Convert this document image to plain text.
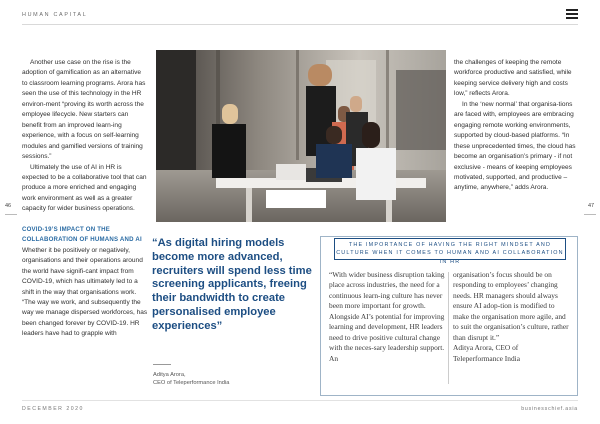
HUMAN CAPITAL
46	47

Another use case on the rise is the adoption of gamification as an alternative to classroom learning programs. Arora has seen the use of this technology in the HR environ-ment “proving its worth across the employee lifecycle. New starters can benefit from an improved learn-ing experience, with a focus on self-learning modules and gamified versions of training sessions.”

Ultimately the use of AI in HR is expected to be a collaborative tool that can produce a more enriched and engaging work environment as well as a greater capacity for wider business operations.

COVID-19’S IMPACT ON THE COLLABORATION OF HUMANS AND AI

Whether it be positively or negatively, organisations and their operations around the world have signifi-cant impact from COVID-19, which has ultimately led to a shift in the way that organisations work. “The way we work, and subsequently the way we manage dispersed workforces, has been changed forever by COVID-19. HR leaders have had to grapple with

the challenges of keeping the remote workforce productive and satisfied, while keeping service delivery high and costs low,” reflects Arora.

In the ‘new normal’ that organisa-tions are faced with, employees are embracing engaging remote working environments, supported by cloud-based platforms. “In these unprecedented times, the cloud has become an organisation’s primary - if not exclusive - means of keeping employees motivated, supported, and productive – anytime, anywhere,” adds Arora.

“As digital hiring models become more advanced, recruiters will spend less time screening applicants, freeing their bandwidth to create personalised employee experiences”
Aditya Arora,
CEO of Teleperformance India
THE IMPORTANCE OF HAVING THE RIGHT MINDSET AND CULTURE WHEN IT COMES TO HUMAN AND AI COLLABORATION IN HR
“With wider business disruption taking place across industries, the need for a continuous learn-ing culture has never been more important for growth. Alongside AI’s potential for improving learning and development, HR leaders need to drive positive cultural change with the neces-sary leadership support. An
organisation’s focus should be on responding to employees’ changing needs. HR managers should always ensure AI adop-tion is modified to make the organisation more agile, and to suit the organisation’s culture, rather than disrupt it.”
Aditya Arora, CEO of
Teleperformance India
DECEMBER 2020	businesschief.asia
